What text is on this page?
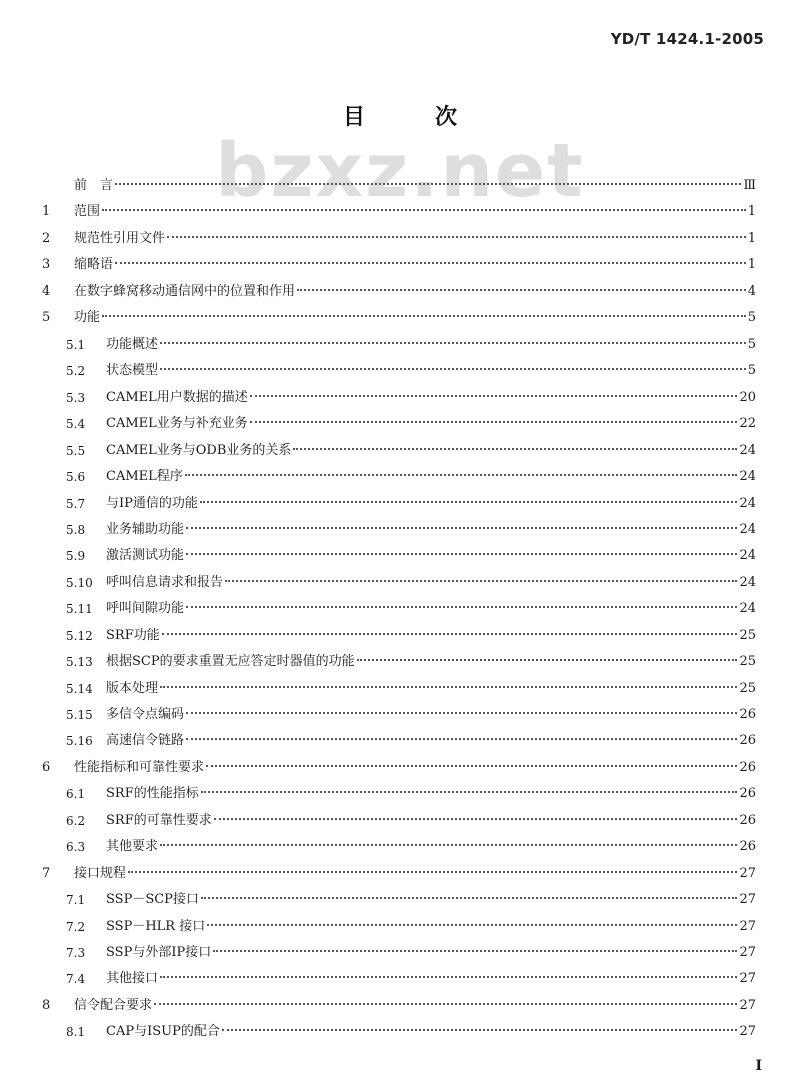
YD/T 1424.1-2005
bzxz.net
目	次
前　言	Ⅲ
1 范围	1
2 规范性引用文件	1
3 缩略语	1
4 在数字蜂窝移动通信网中的位置和作用	4
5 功能	5
5.1 功能概述	5
5.2 状态模型	5
5.3 CAMEL用户数据的描述	20
5.4 CAMEL业务与补充业务	22
5.5 CAMEL业务与ODB业务的关系	24
5.6 CAMEL程序	24
5.7 与IP通信的功能	24
5.8 业务辅助功能	24
5.9 激活测试功能	24
5.10 呼叫信息请求和报告	24
5.11 呼叫间隙功能	24
5.12 SRF功能	25
5.13 根据SCP的要求重置无应答定时器值的功能	25
5.14 版本处理	25
5.15 多信令点编码	26
5.16 高速信令链路	26
6 性能指标和可靠性要求	26
6.1 SRF的性能指标	26
6.2 SRF的可靠性要求	26
6.3 其他要求	26
7 接口规程	27
7.1 SSP－SCP接口	27
7.2 SSP－HLR 接口	27
7.3 SSP与外部IP接口	27
7.4 其他接口	27
8 信令配合要求	27
8.1 CAP与ISUP的配合	27
I
